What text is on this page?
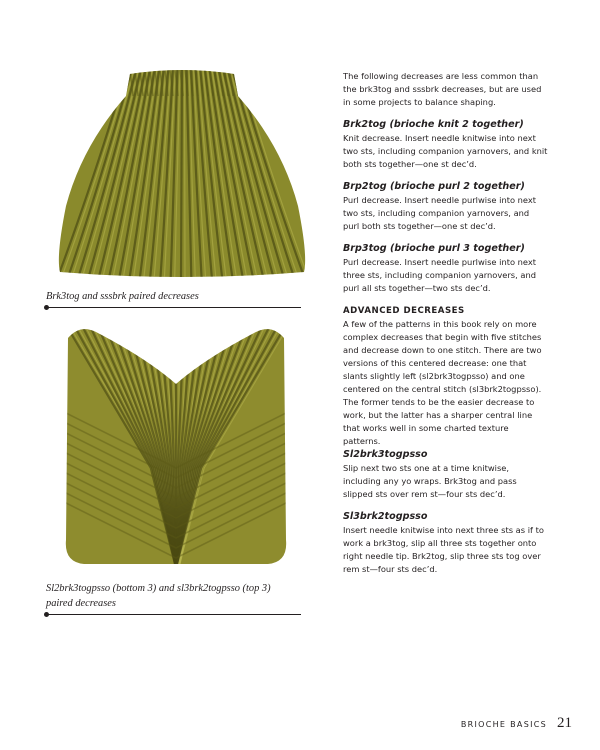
Brk3tog and sssbrk paired decreases
Sl2brk3togpsso (bottom 3) and sl3brk2togpsso (top 3)
paired decreases

The following decreases are less common than the brk3tog and sssbrk decreases, but are used in some projects to balance shaping.

Brk2tog (brioche knit 2 together)

Knit decrease. Insert needle knitwise into next two sts, including companion yarnovers, and knit both sts together—one st dec’d.

Brp2tog (brioche purl 2 together)

Purl decrease. Insert needle purlwise into next two sts, including companion yarnovers, and purl both sts together—one st dec’d.

Brp3tog (brioche purl 3 together)

Purl decrease. Insert needle purlwise into next three sts, including companion yarnovers, and purl all sts together—two sts dec’d.

ADVANCED DECREASES

A few of the patterns in this book rely on more complex decreases that begin with five stitches and decrease down to one stitch. There are two versions of this centered decrease: one that slants slightly left (sl2brk3togpsso) and one centered on the central stitch (sl3brk2togpsso). The former tends to be the easier decrease to work, but the latter has a sharper central line that works well in some charted texture patterns.

Sl2brk3togpsso

Slip next two sts one at a time knitwise, including any yo wraps. Brk3tog and pass slipped sts over rem st—four sts dec’d.

Sl3brk2togpsso

Insert needle knitwise into next three sts as if to work a brk3tog, slip all three sts together onto right needle tip. Brk2tog, slip three sts tog over rem st—four sts dec’d.

BRIOCHE BASICS 21
